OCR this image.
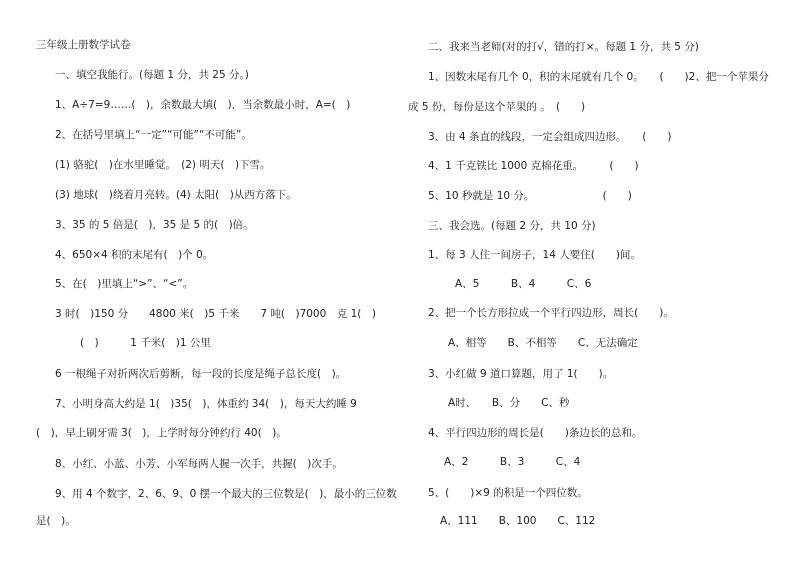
三年级上册数学试卷
一、填空我能行。(每题 1 分，共 25 分。)
1、A÷7=9……(　)，余数最大填(　)，当余数最小时，A=(　)
2、在括号里填上“一定”“可能”“不可能”。
(1) 骆驼(　)在水里睡觉。　(2) 明天(　)下雪。
(3) 地球(　)绕着月亮转。(4) 太阳(　)从西方落下。
3、35 的 5 倍是(　)，35 是 5 的(　)倍。
4、650×4 积的末尾有(　)个 0。
5、在(　)里填上“>”、“<”。
3 时(　)150 分　　4800 米(　)5 千米　　7 吨(　)7000　克 1(　)
(　)　　　1 千米(　)1 公里
6 一根绳子对折两次后剪断，每一段的长度是绳子总长度(　)。
7、小明身高大约是 1(　)35(　)，体重约 34(　)，每天大约睡 9
(　)，早上刷牙需 3(　)，上学时每分钟约行 40(　)。
8、小红、小蓝、小芳、小军每两人握一次手，共握(　)次手。
9、用 4 个数字，2、6、9、0 摆一个最大的三位数是(　)，最小的三位数
是(　)。
二、我来当老师(对的打√，错的打×。每题 1 分，共 5 分)
1、因数末尾有几个 0，积的末尾就有几个 0。　　(　　)2、把一个苹果分
成 5 份，每份是这个苹果的 。　(　　)
3、由 4 条直的线段，一定会组成四边形。　　(　　)
4、1 千克铁比 1000 克棉花重。　　　(　　)
5、10 秒就是 10 分。　　　　　　　(　　)
三、我会选。(每题 2 分，共 10 分)
1、每 3 人住一间房子，14 人要住(　　)间。
A、5　　　B、4　　　C、6
2、把一个长方形拉成一个平行四边形，周长(　　)。
A、相等　　B、不相等　　C、无法确定
3、小红做 9 道口算题，用了 1(　　)。
A时、　　B、分　　C、秒
4、平行四边形的周长是(　　)条边长的总和。
A、2　　　B、3　　　C、4
5、(　　)×9 的积是一个四位数。
A、111　　B、100　　C、112
